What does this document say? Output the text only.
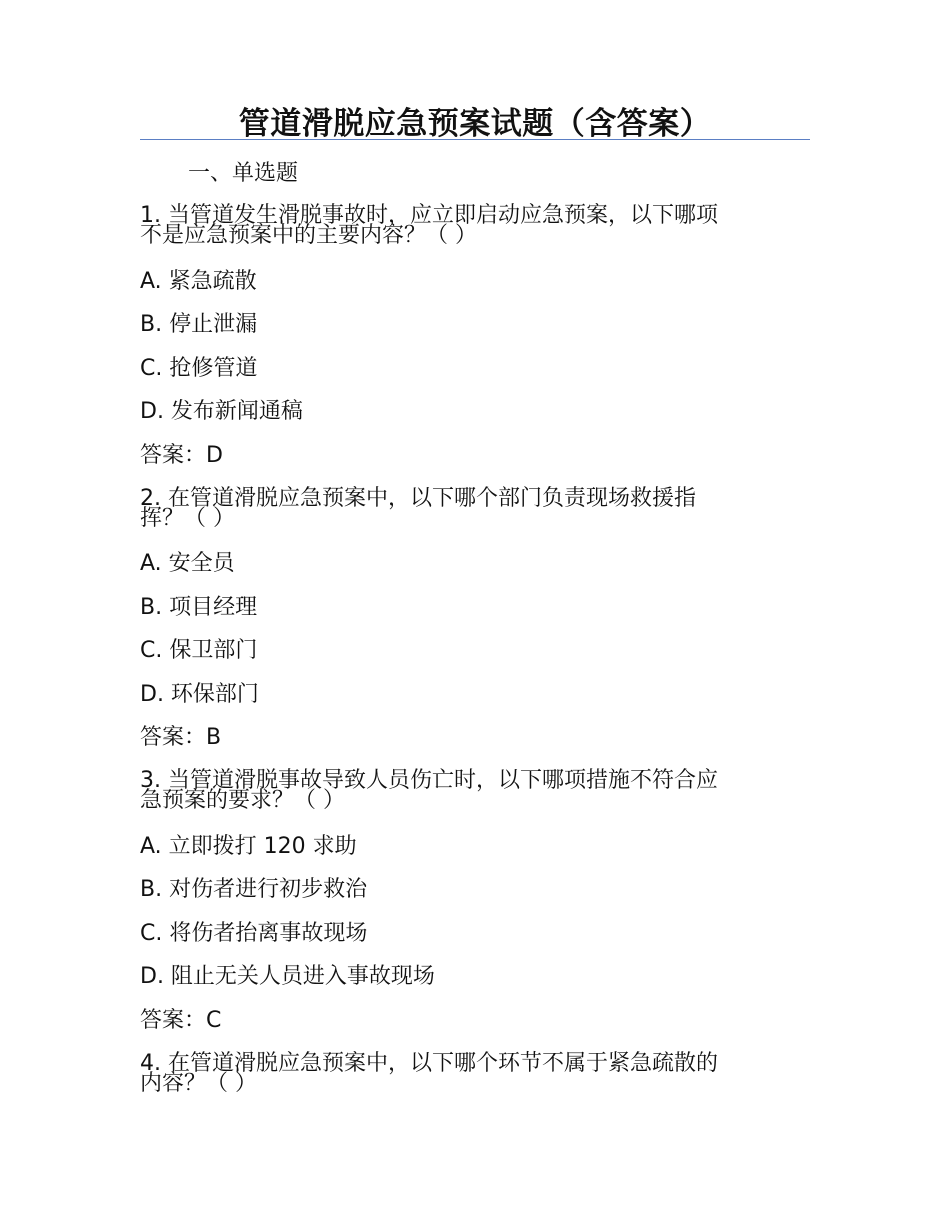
管道滑脱应急预案试题（含答案）
一、单选题
1. 当管道发生滑脱事故时，应立即启动应急预案，以下哪项
不是应急预案中的主要内容？（ ）
A. 紧急疏散
B. 停止泄漏
C. 抢修管道
D. 发布新闻通稿
答案：D
2. 在管道滑脱应急预案中，以下哪个部门负责现场救援指
挥？（ ）
A. 安全员
B. 项目经理
C. 保卫部门
D. 环保部门
答案：B
3. 当管道滑脱事故导致人员伤亡时，以下哪项措施不符合应
急预案的要求？（ ）
A. 立即拨打 120 求助
B. 对伤者进行初步救治
C. 将伤者抬离事故现场
D. 阻止无关人员进入事故现场
答案：C
4. 在管道滑脱应急预案中，以下哪个环节不属于紧急疏散的
内容？（ ）
